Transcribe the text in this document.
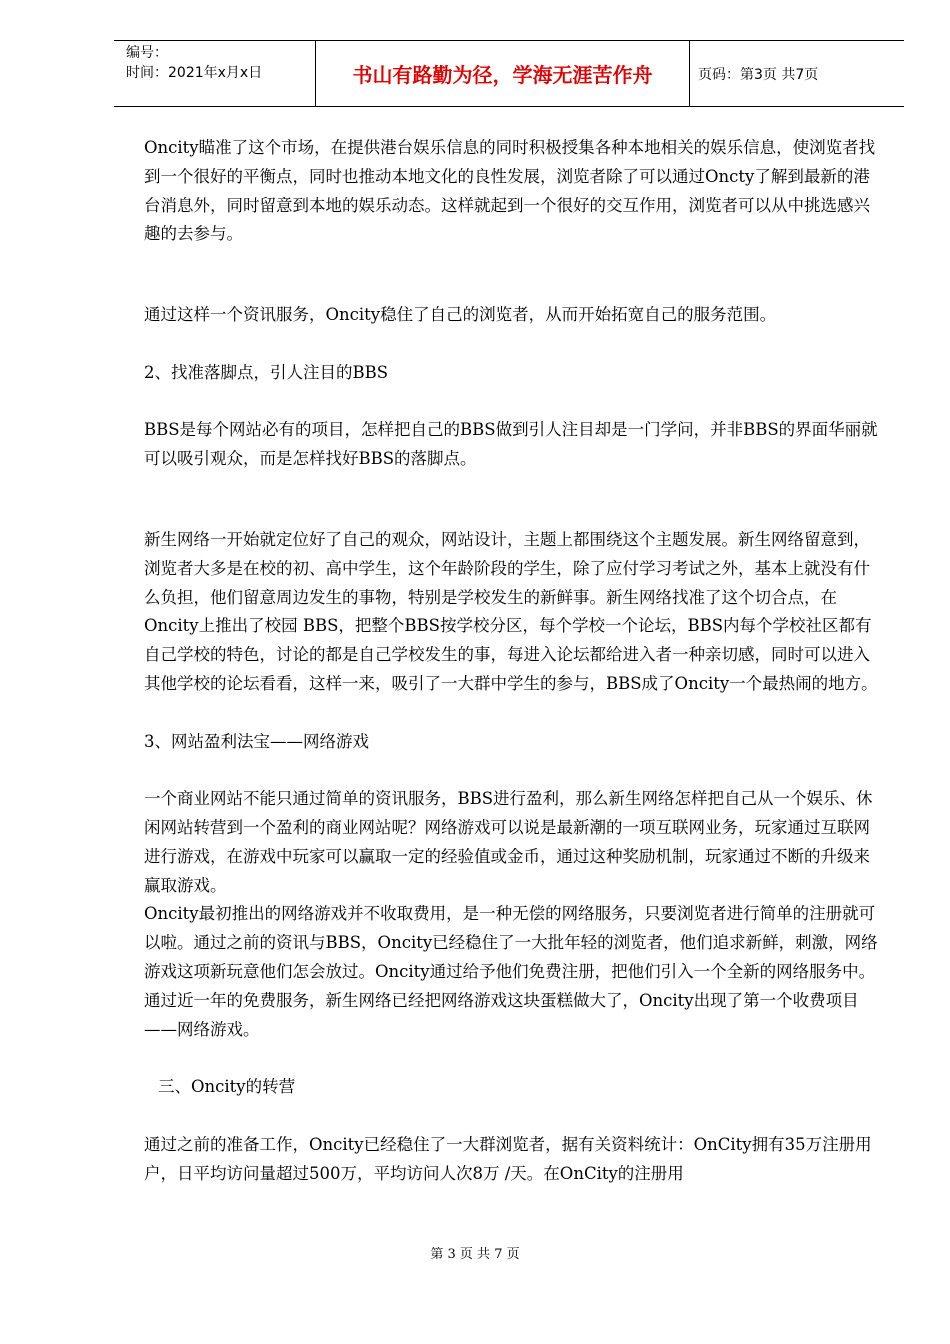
编号：
时间：2021年x月x日	书山有路勤为径，学海无涯苦作舟	页码：第3页 共7页

Oncity瞄准了这个市场，在提供港台娱乐信息的同时积极授集各种本地相关的娱乐信息，使浏览者找到一个很好的平衡点，同时也推动本地文化的良性发展，浏览者除了可以通过Oncty了解到最新的港台消息外，同时留意到本地的娱乐动态。这样就起到一个很好的交互作用，浏览者可以从中挑选感兴趣的去参与。

通过这样一个资讯服务，Oncity稳住了自己的浏览者，从而开始拓宽自己的服务范围。

2、找准落脚点，引人注目的BBS

BBS是每个网站必有的项目，怎样把自己的BBS做到引人注目却是一门学问，并非BBS的界面华丽就可以吸引观众，而是怎样找好BBS的落脚点。

新生网络一开始就定位好了自己的观众，网站设计，主题上都围绕这个主题发展。新生网络留意到，浏览者大多是在校的初、高中学生，这个年龄阶段的学生，除了应付学习考试之外，基本上就没有什么负担，他们留意周边发生的事物，特别是学校发生的新鲜事。新生网络找准了这个切合点，在Oncity上推出了校园 BBS，把整个BBS按学校分区，每个学校一个论坛，BBS内每个学校社区都有自己学校的特色，讨论的都是自己学校发生的事，每进入论坛都给进入者一种亲切感，同时可以进入其他学校的论坛看看，这样一来，吸引了一大群中学生的参与，BBS成了Oncity一个最热闹的地方。

3、网站盈利法宝——网络游戏

一个商业网站不能只通过简单的资讯服务，BBS进行盈利，那么新生网络怎样把自己从一个娱乐、休闲网站转营到一个盈利的商业网站呢？网络游戏可以说是最新潮的一项互联网业务，玩家通过互联网进行游戏，在游戏中玩家可以赢取一定的经验值或金币，通过这种奖励机制，玩家通过不断的升级来赢取游戏。

Oncity最初推出的网络游戏并不收取费用，是一种无偿的网络服务，只要浏览者进行简单的注册就可以啦。通过之前的资讯与BBS，Oncity已经稳住了一大批年轻的浏览者，他们追求新鲜，刺激，网络游戏这项新玩意他们怎会放过。Oncity通过给予他们免费注册，把他们引入一个全新的网络服务中。通过近一年的免费服务，新生网络已经把网络游戏这块蛋糕做大了，Oncity出现了第一个收费项目——网络游戏。

三、Oncity的转营

通过之前的准备工作，Oncity已经稳住了一大群浏览者，据有关资料统计：OnCity拥有35万注册用户，日平均访问量超过500万，平均访问人次8万 /天。在OnCity的注册用

第 3 页 共 7 页
